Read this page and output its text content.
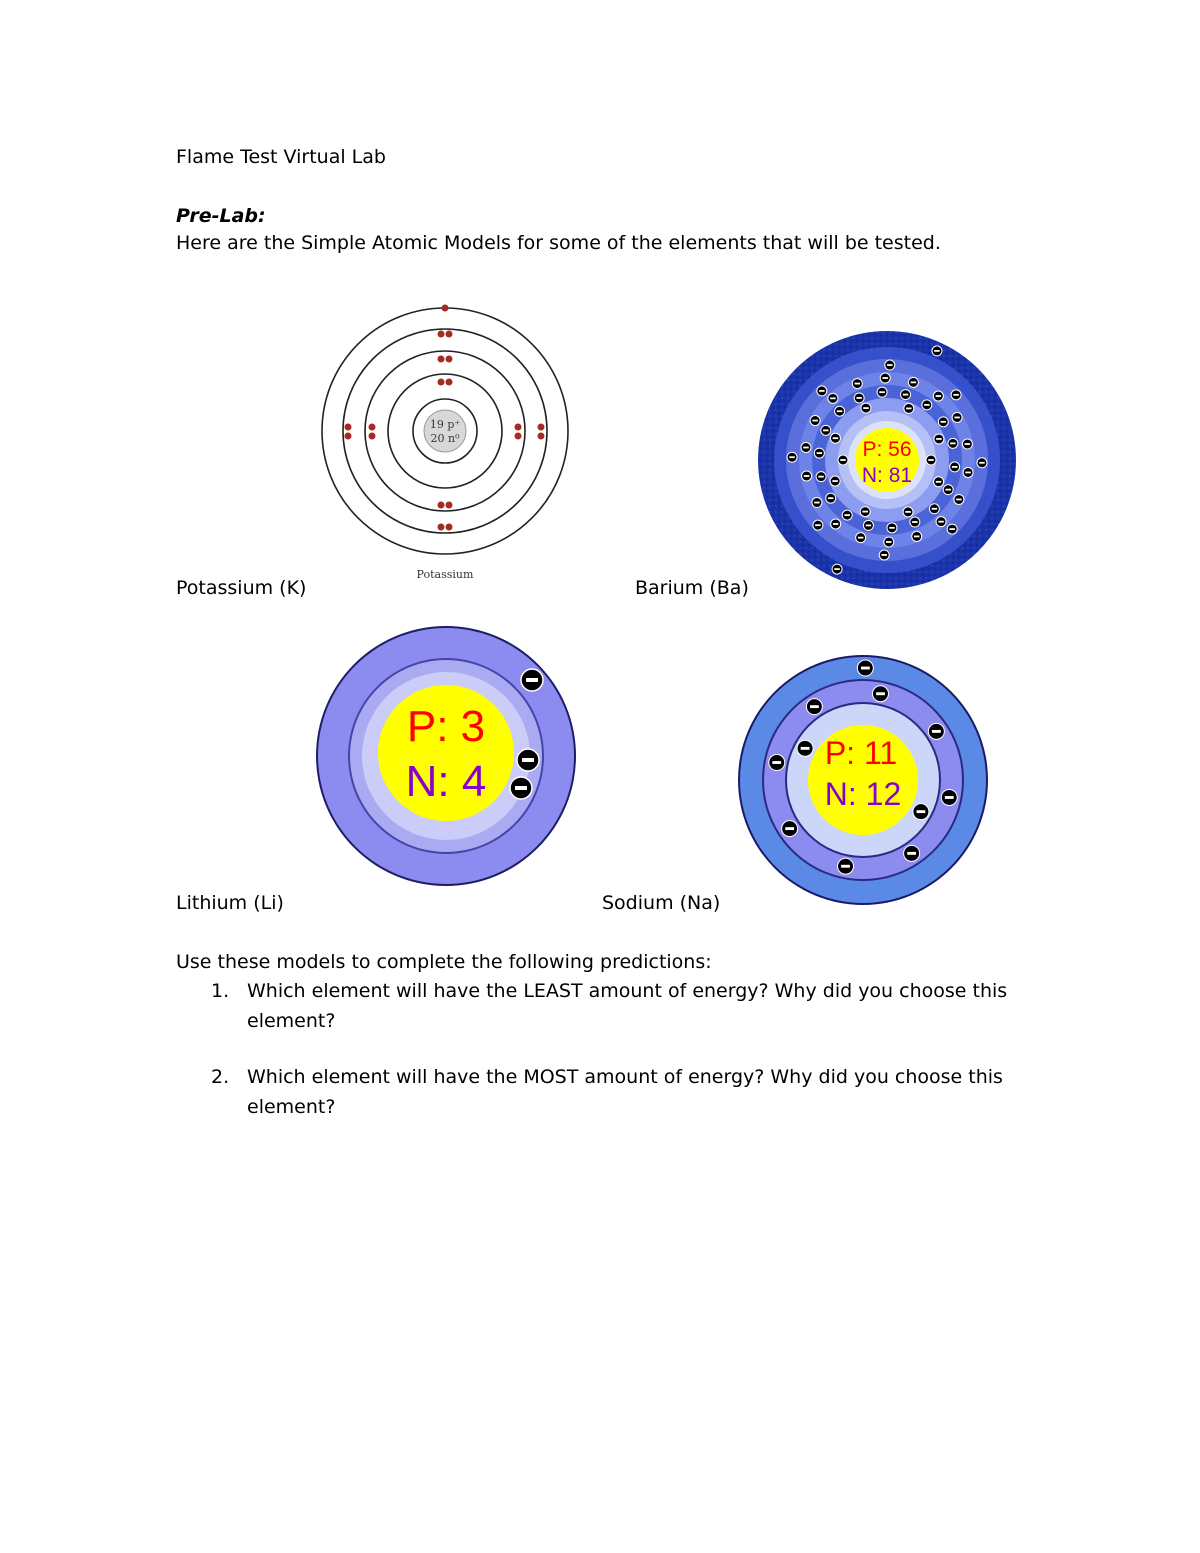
Flame Test Virtual Lab
Pre-Lab:
Here are the Simple Atomic Models for some of the elements that will be tested.
19 p⁺
20 n⁰
Potassium
P: 56
N: 81
Potassium (K)	Barium (Ba)
P: 3
N: 4
P: 11
N: 12
Lithium (Li)	Sodium (Na)
Use these models to complete the following predictions:
1. Which element will have the LEAST amount of energy? Why did you choose this element?
2. Which element will have the MOST amount of energy? Why did you choose this element?
